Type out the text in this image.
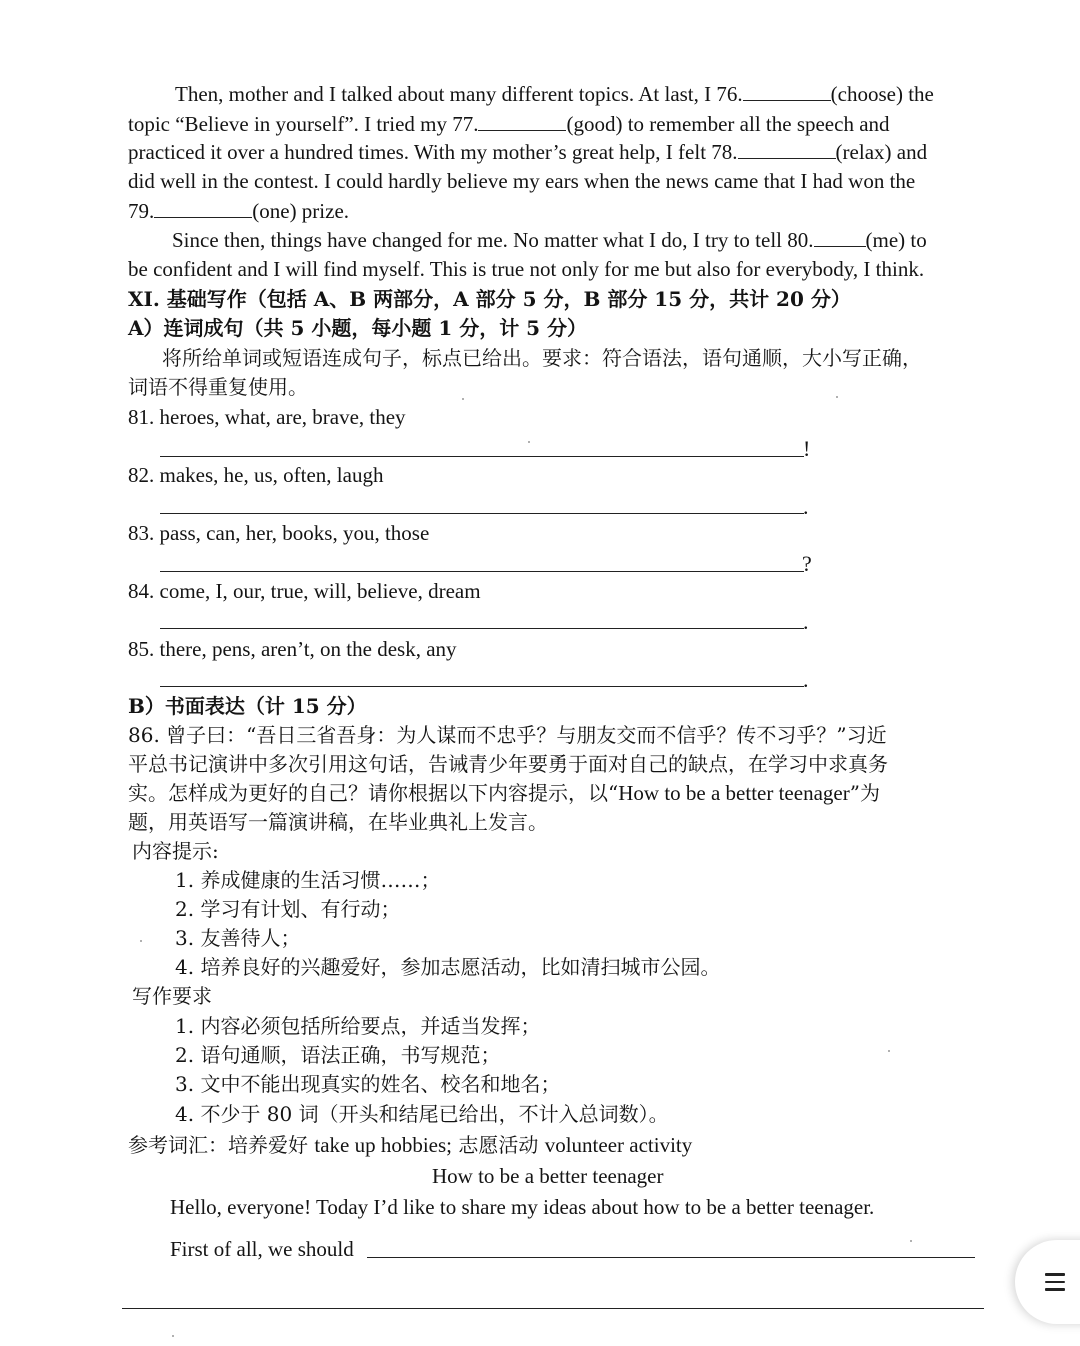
Then, mother and I talked about many different topics. At last, I 76.	(choose) the
topic “Believe in yourself”. I tried my 77.	(good) to remember all the speech and
practiced it over a hundred times. With my mother’s great help, I felt 78.	(relax) and
did well in the contest. I could hardly believe my ears when the news came that I had won the
79.	(one) prize.
Since then, things have changed for me. No matter what I do, I try to tell 80. (me) to
be confident and I will find myself. This is true not only for me but also for everybody, I think.
XI. 基础写作（包括 A、B 两部分，A 部分 5 分，B 部分 15 分，共计 20 分）
A）连词成句（共 5 小题，每小题 1 分，计 5 分）
将所给单词或短语连成句子，标点已给出。要求：符合语法，语句通顺，大小写正确，
词语不得重复使用。
81. heroes, what, are, brave, they
!
82. makes, he, us, often, laugh
.
83. pass, can, her, books, you, those
?
84. come, I, our, true, will, believe, dream
.
85. there, pens, aren’t, on the desk, any
.
B）书面表达（计 15 分）
86. 曾子曰：“吾日三省吾身：为人谋而不忠乎？与朋友交而不信乎？传不习乎？”习近
平总书记演讲中多次引用这句话，告诫青少年要勇于面对自己的缺点，在学习中求真务
实。怎样成为更好的自己？请你根据以下内容提示，以“How to be a better teenager”为
题，用英语写一篇演讲稿，在毕业典礼上发言。
内容提示:
1. 养成健康的生活习惯……；
2. 学习有计划、有行动；
3. 友善待人；
4. 培养良好的兴趣爱好，参加志愿活动，比如清扫城市公园。
写作要求
1. 内容必须包括所给要点，并适当发挥；
2. 语句通顺，语法正确，书写规范；
3. 文中不能出现真实的姓名、校名和地名；
4. 不少于 80 词（开头和结尾已给出，不计入总词数）。
参考词汇：培养爱好 take up hobbies; 志愿活动 volunteer activity
How to be a better teenager
Hello, everyone! Today I’d like to share my ideas about how to be a better teenager.
First of all, we should
